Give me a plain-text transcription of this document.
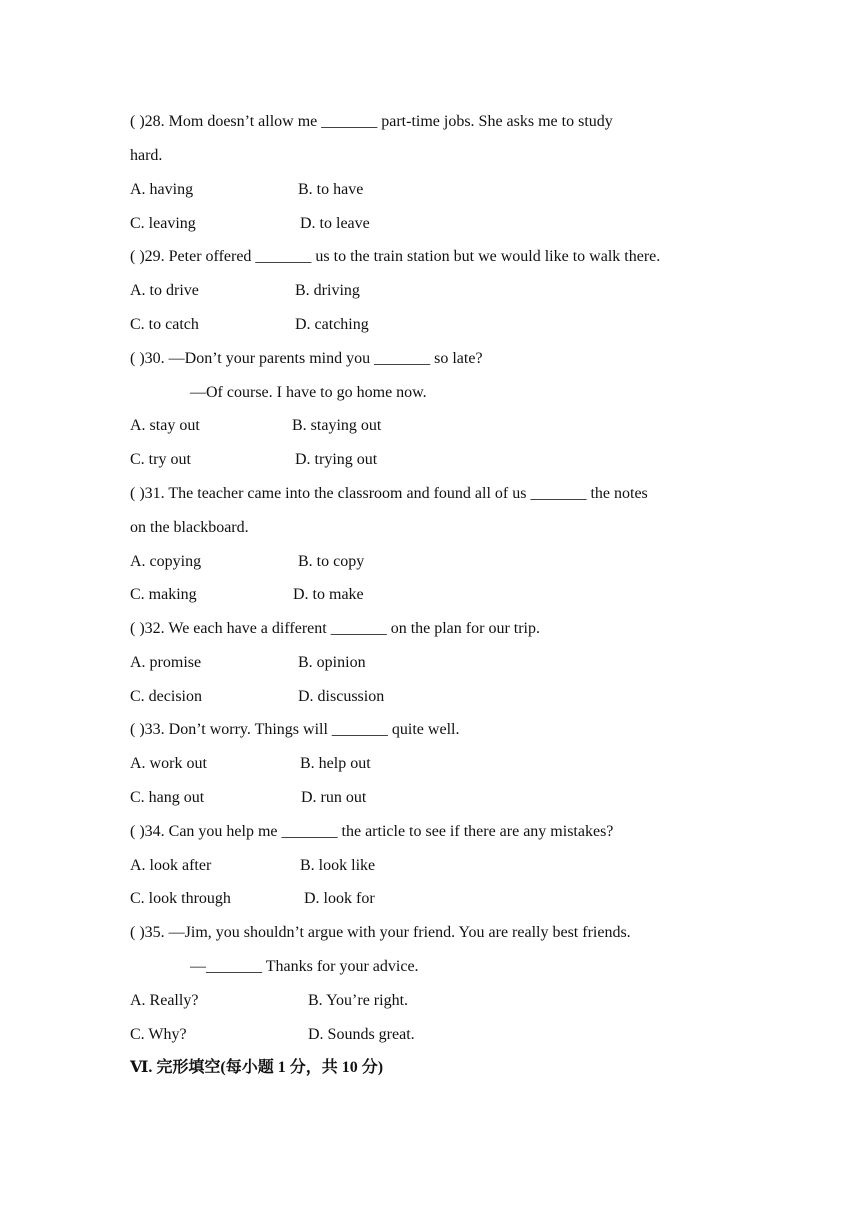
( )28. Mom doesn’t allow me _______ part-time jobs. She asks me to study
hard.
A. having	B. to have
C. leaving	D. to leave
( )29. Peter offered _______ us to the train station but we would like to walk there.
A. to drive	B. driving
C. to catch	D. catching
( )30. —Don’t your parents mind you _______ so late?
—Of course. I have to go home now.
A. stay out	B. staying out
C. try out	D. trying out
( )31. The teacher came into the classroom and found all of us _______ the notes
on the blackboard.
A. copying	B. to copy
C. making	D. to make
( )32. We each have a different _______ on the plan for our trip.
A. promise	B. opinion
C. decision	D. discussion
( )33. Don’t worry. Things will _______ quite well.
A. work out	B. help out
C. hang out	D. run out
( )34. Can you help me _______ the article to see if there are any mistakes?
A. look after	B. look like
C. look through	D. look for
( )35. —Jim, you shouldn’t argue with your friend. You are really best friends.
—_______ Thanks for your advice.
A. Really?	B. You’re right.
C. Why?	D. Sounds great.
Ⅵ. 完形填空(每小题 1 分，共 10 分)
